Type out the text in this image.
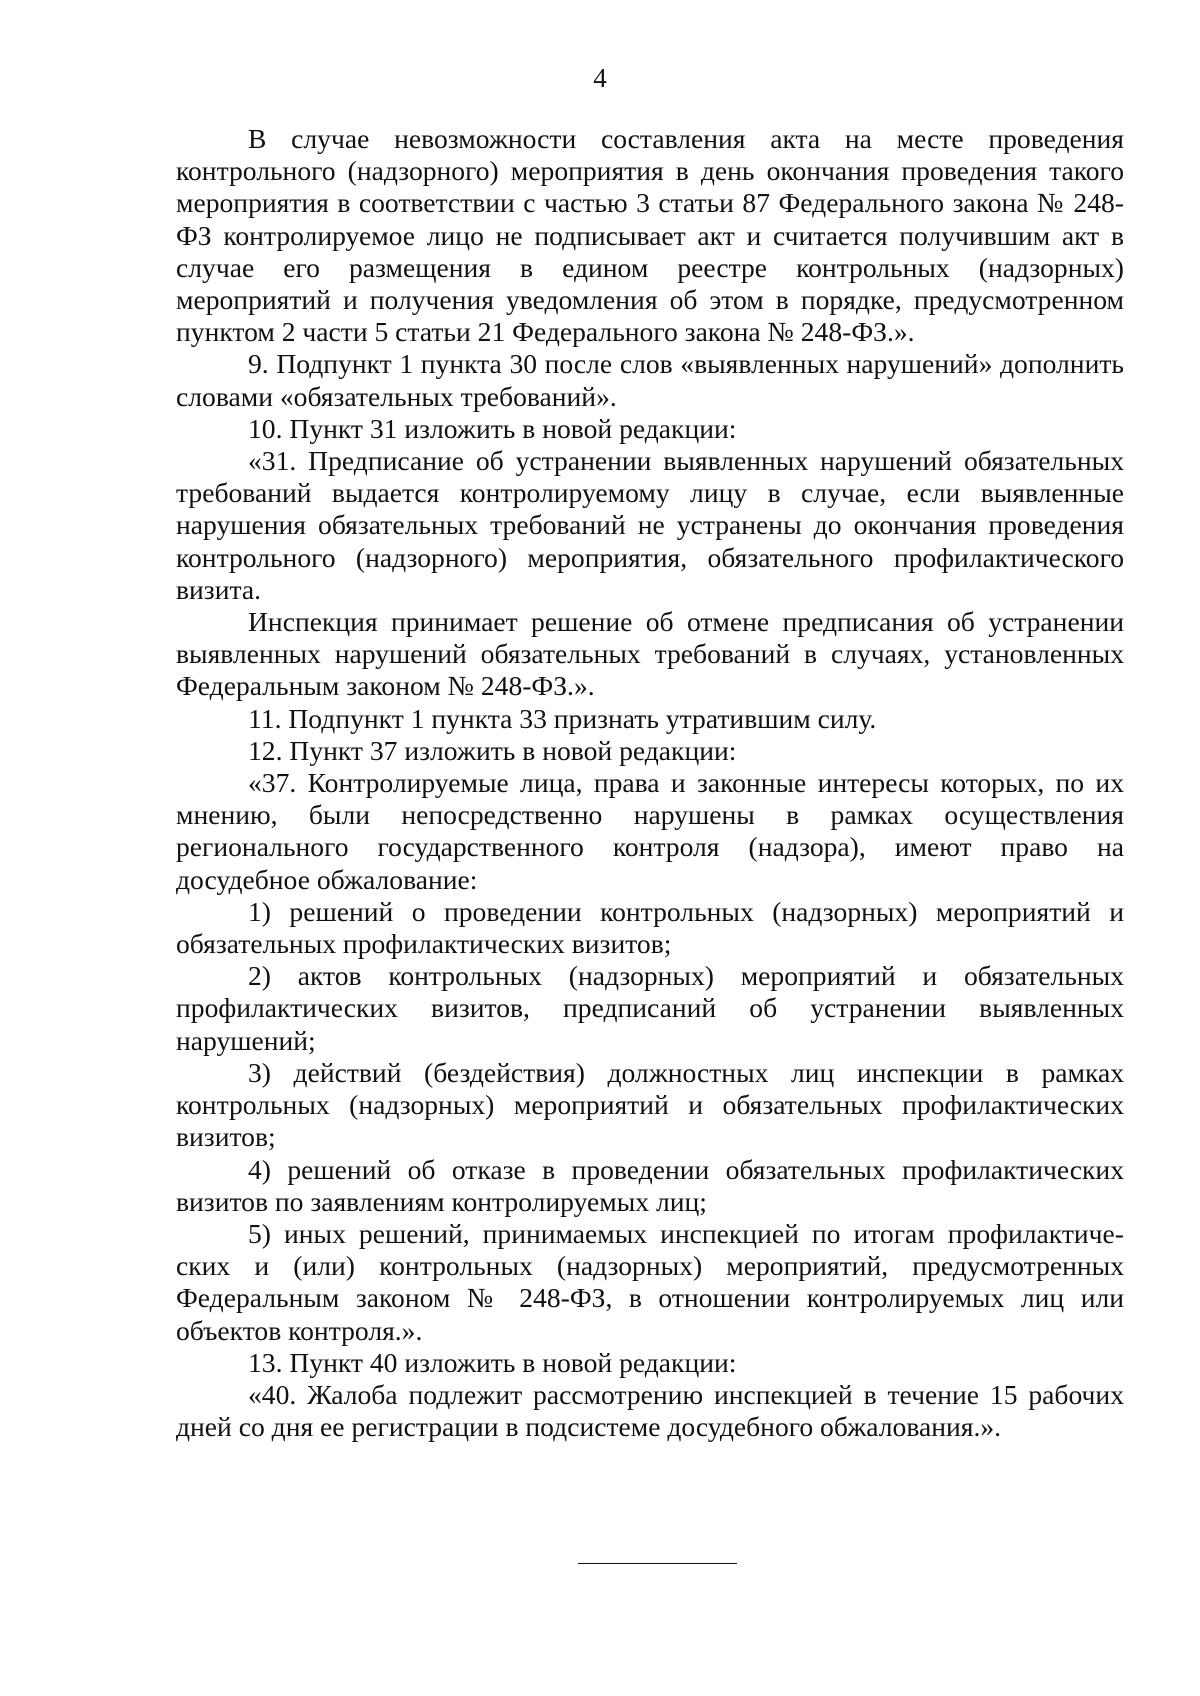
4

В случае невозможности составления акта на месте проведения контрольного (надзорного) мероприятия в день окончания проведения такого мероприятия в соответствии с частью 3 статьи 87 Федерального закона № 248-ФЗ контролируемое лицо не подписывает акт и считается получившим акт в случае его размещения в едином реестре контрольных (надзорных) мероприятий и получения уведомления об этом в порядке, предусмотренном пунктом 2 части 5 статьи 21 Федерального закона № 248-ФЗ.».

9. Подпункт 1 пункта 30 после слов «выявленных нарушений» дополнить словами «обязательных требований».

10. Пункт 31 изложить в новой редакции:

«31. Предписание об устранении выявленных нарушений обязательных требований выдается контролируемому лицу в случае, если выявленные нарушения обязательных требований не устранены до окончания проведения контрольного (надзорного) мероприятия, обязательного профилактического визита.

Инспекция принимает решение об отмене предписания об устранении выявленных нарушений обязательных требований в случаях, установленных Федеральным законом № 248-ФЗ.».

11. Подпункт 1 пункта 33 признать утратившим силу.

12. Пункт 37 изложить в новой редакции:

«37. Контролируемые лица, права и законные интересы которых, по их мнению, были непосредственно нарушены в рамках осуществления регионального государственного контроля (надзора), имеют право на досудебное обжалование:

1) решений о проведении контрольных (надзорных) мероприятий и обязательных профилактических визитов;

2) актов контрольных (надзорных) мероприятий и обязательных профилактических визитов, предписаний об устранении выявленных нарушений;

3) действий (бездействия) должностных лиц инспекции в рамках контрольных (надзорных) мероприятий и обязательных профилактических визитов;

4) решений об отказе в проведении обязательных профилактических визитов по заявлениям контролируемых лиц;

5) иных решений, принимаемых инспекцией по итогам профилактических и (или) контрольных (надзорных) мероприятий, предусмотренных Федеральным законом № 248-ФЗ, в отношении контролируемых лиц или объектов контроля.».

13. Пункт 40 изложить в новой редакции:

«40. Жалоба подлежит рассмотрению инспекцией в течение 15 рабочих дней со дня ее регистрации в подсистеме досудебного обжалования.».
